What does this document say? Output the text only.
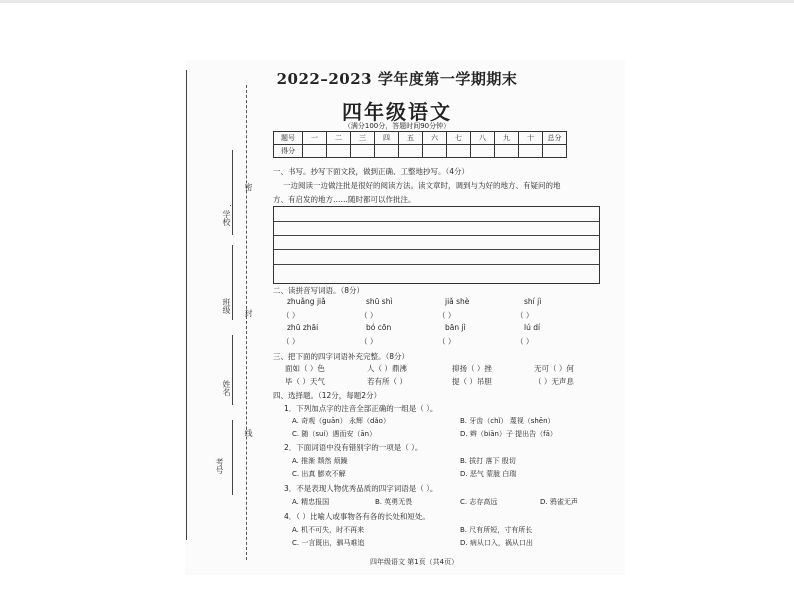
学校
班级
姓名
考号
密
封
线
2022–2023 学年度第一学期期末
四年级语文
（满分100分，答题时间90分钟）
题号	一	二	三	四	五	六	七	八	九	十	总分
得分											
一、书写。抄写下面文段，做到正确、工整地抄写。（4分）
一边阅读一边做注批是很好的阅读方法。读文章时，调到与为好的地方、有疑问的地
方、有启发的地方……随时都可以作批注。
二、读拼音写词语。（8分）
zhuǎng jiǎ	shū shì	jiǎ shè	shí jì
（ ）	（ ）	（ ）	（ ）
zhū zhāi	bó cōn	bān jì	lú dí
（ ）	（ ）	（ ）	（ ）
三、把下面的四字词语补充完整。（8分）
面如（ ）色	人（ ）鼎沸	抑扬（ ）挫	无可（ ）何
毕（ ）天气	若有所（ ）	提（ ）吊胆	（ ）无声息
四、选择题。（12分，每题2分）
1．下列加点字的注音全部正确的一组是（ ）。
A. 奇观（guān） 永辉（dǎo）	B. 牙齿（chǐ） 蔑视（shēn）
C. 随（suí）遇而安（ān）	D. 辫（biān）子 提出告（fā）
2．下面词语中没有错别字的一项是（ ）。
A. 推渐 颓然 烦躁	B. 拔打 落下 殷切
C. 出真 膨欢不解	D. 恶气 蒙胧 白瑞
3．不是表现人物优秀品质的四字词语是（ ）。
A. 精忠报国	B. 英勇无畏	C. 志存高远	D. 鸦雀无声
4．（ ）比喻人或事物各有各的长处和短处。
A. 机不可失，时不再来	B. 尺有所短，寸有所长
C. 一言既出，驷马难追	D. 病从口入，祸从口出
四年级语文 第1页（共4页）
